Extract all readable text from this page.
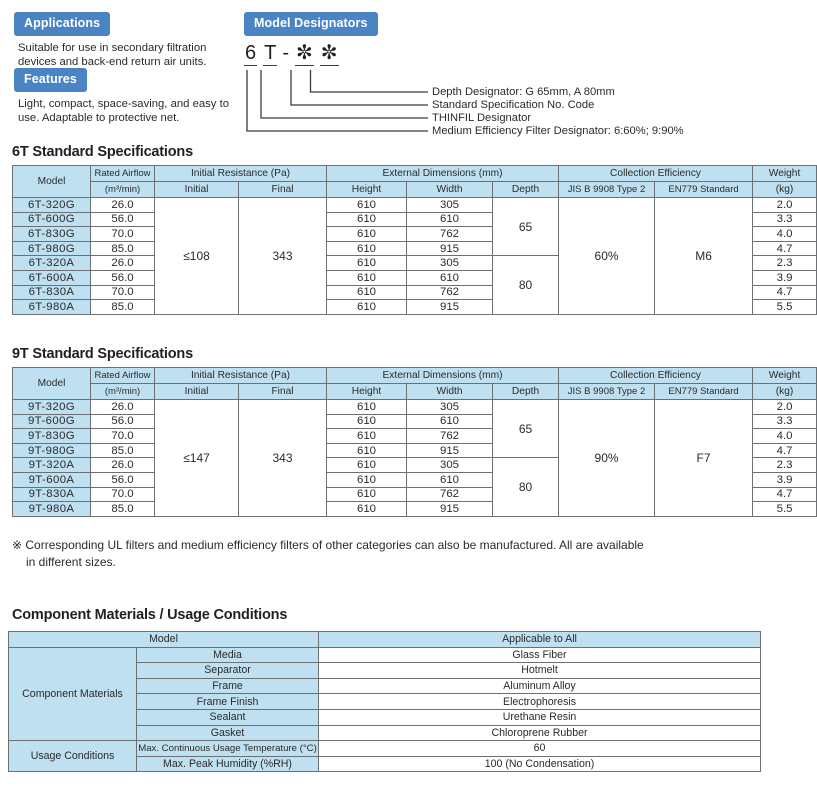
Applications
Suitable for use in secondary filtration devices and back-end return air units.
Features
Light, compact, space-saving, and easy to use. Adaptable to protective net.
Model Designators
6 T - ✼ ✼
Depth Designator: G 65mm, A 80mm
Standard Specification No. Code
THINFIL Designator
Medium Efficiency Filter Designator: 6:60%; 9:90%
6T Standard Specifications
Model	Rated Airflow	Initial Resistance (Pa)		External Dimensions (mm)			Collection Efficiency		Weight
	(m³/min)	Initial	Final	Height	Width	Depth	JIS B 9908 Type 2	EN779 Standard	(kg)
6T-320G	26.0	≤108	343	610	305	65	60%	M6	2.0
6T-600G	56.0			610	610				3.3
6T-830G	70.0			610	762				4.0
6T-980G	85.0			610	915				4.7
6T-320A	26.0			610	305	80			2.3
6T-600A	56.0			610	610				3.9
6T-830A	70.0			610	762				4.7
6T-980A	85.0			610	915				5.5
9T Standard Specifications
Model	Rated Airflow	Initial Resistance (Pa)		External Dimensions (mm)			Collection Efficiency		Weight
	(m³/min)	Initial	Final	Height	Width	Depth	JIS B 9908 Type 2	EN779 Standard	(kg)
9T-320G	26.0	≤147	343	610	305	65	90%	F7	2.0
9T-600G	56.0			610	610				3.3
9T-830G	70.0			610	762				4.0
9T-980G	85.0			610	915				4.7
9T-320A	26.0			610	305	80			2.3
9T-600A	56.0			610	610				3.9
9T-830A	70.0			610	762				4.7
9T-980A	85.0			610	915				5.5
※ Corresponding UL filters and medium efficiency filters of other categories can also be manufactured. All are available
in different sizes.
Component Materials / Usage Conditions
Model		Applicable to All
Component Materials	Media	Glass Fiber
	Separator	Hotmelt
	Frame	Aluminum Alloy
	Frame Finish	Electrophoresis
	Sealant	Urethane Resin
	Gasket	Chloroprene Rubber
Usage Conditions	Max. Continuous Usage Temperature (°C)	60
	Max. Peak Humidity (%RH)	100 (No Condensation)
